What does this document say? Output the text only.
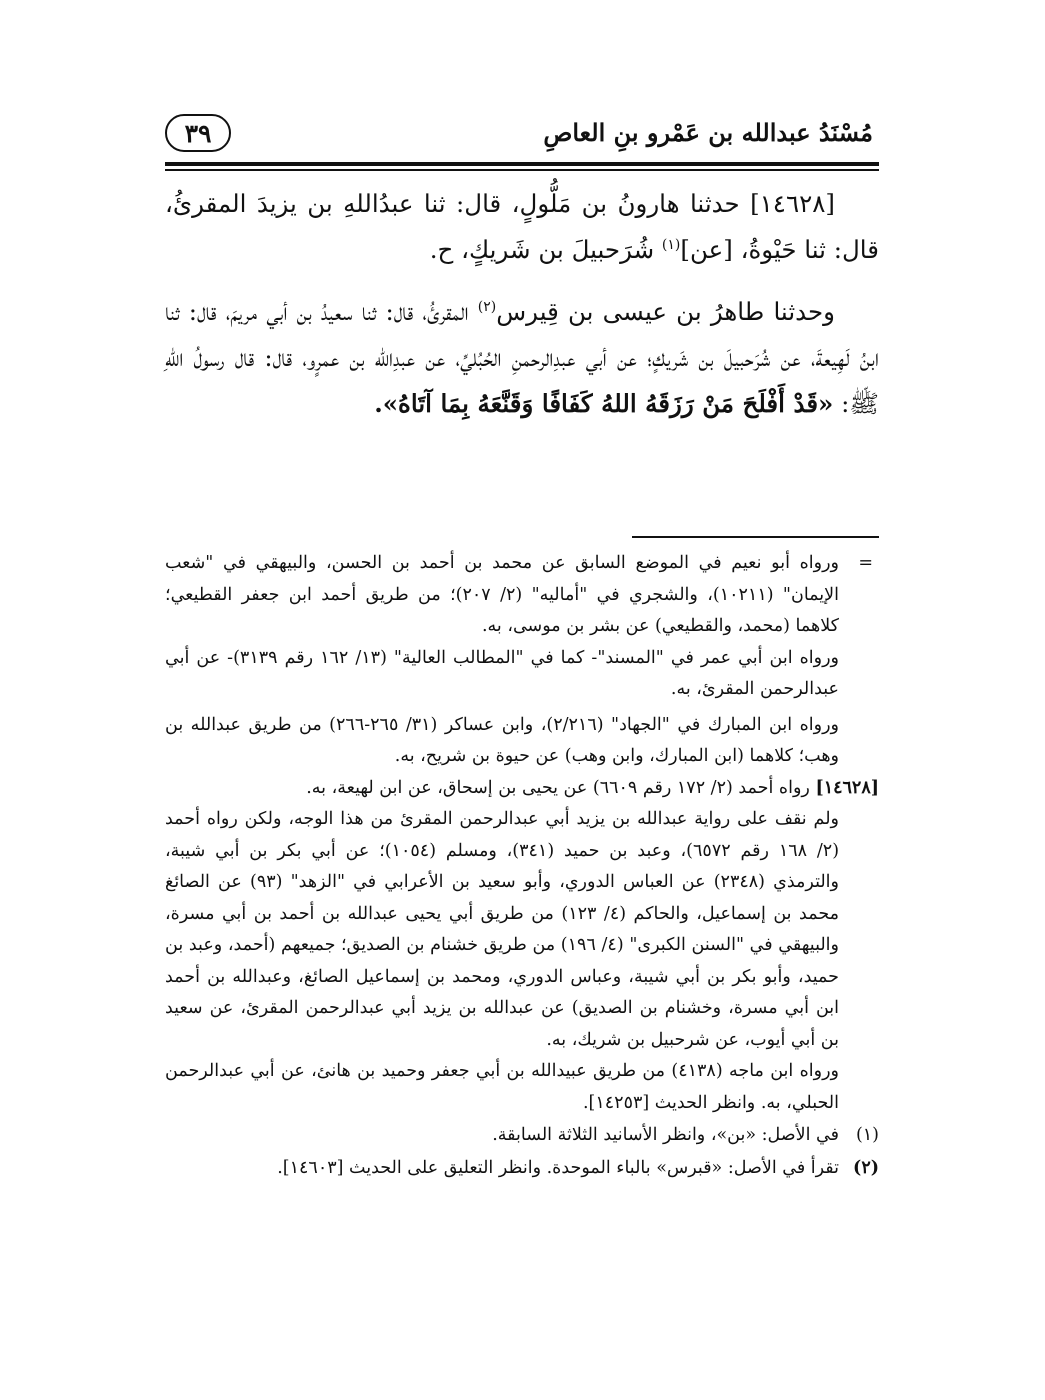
٣٩	مُسْنَدُ عبدالله بن عَمْرو بنِ العاصِ

[١٤٦٢٨] حدثنا هارونُ بن مَلُّولٍ، قال: ثنا عبدُاللهِ بن يزيدَ المقرئُ، قال: ثنا حَيْوةُ، [عن]$^{(١)}$ شُرَحبيلَ بن شَريكٍ، ح.

وحدثنا طاهرُ بن عيسى بن قِيرس$^{(٢)}$ المقرئُ، قال: ثنا سعيدُ بن أبي مريمَ، قال: ثنا ابنُ لَهِيعةَ، عن شُرَحبيلَ بن شَريكٍ؛ عن أبي عبدِالرحمنِ الحُبُليِّ، عن عبدِالله بن عمرٍو، قال: قال رسولُ اللهِ ﷺ: «قَدْ أَفْلَحَ مَنْ رَزَقَهُ اللهُ كَفَافًا وَقَنَّعَهُ بِمَا آتَاهُ».

=

ورواه أبو نعيم في الموضع السابق عن محمد بن أحمد بن الحسن، والبيهقي في "شعب الإيمان" (١٠٢١١)، والشجري في "أماليه" (٢/ ٢٠٧)؛ من طريق أحمد ابن جعفر القطيعي؛ كلاهما (محمد، والقطيعي) عن بشر بن موسى، به.

ورواه ابن أبي عمر في "المسند"- كما في "المطالب العالية" (١٣/ ١٦٢ رقم ٣١٣٩)- عن أبي عبدالرحمن المقرئ، به.

ورواه ابن المبارك في "الجهاد" (٢/٢١٦)، وابن عساكر (٣١/ ٢٦٥-٢٦٦) من طريق عبدالله بن وهب؛ كلاهما (ابن المبارك، وابن وهب) عن حيوة بن شريح، به.

[١٤٦٢٨] رواه أحمد (٢/ ١٧٢ رقم ٦٦٠٩) عن يحيى بن إسحاق، عن ابن لهيعة، به.

ولم نقف على رواية عبدالله بن يزيد أبي عبدالرحمن المقرئ من هذا الوجه، ولكن رواه أحمد (٢/ ١٦٨ رقم ٦٥٧٢)، وعبد بن حميد (٣٤١)، ومسلم (١٠٥٤)؛ عن أبي بكر بن أبي شيبة، والترمذي (٢٣٤٨) عن العباس الدوري، وأبو سعيد بن الأعرابي في "الزهد" (٩٣) عن الصائغ محمد بن إسماعيل، والحاكم (٤/ ١٢٣) من طريق أبي يحيى عبدالله بن أحمد بن أبي مسرة، والبيهقي في "السنن الكبرى" (٤/ ١٩٦) من طريق خشنام بن الصديق؛ جميعهم (أحمد، وعبد بن حميد، وأبو بكر بن أبي شيبة، وعباس الدوري، ومحمد بن إسماعيل الصائغ، وعبدالله بن أحمد ابن أبي مسرة، وخشنام بن الصديق) عن عبدالله بن يزيد أبي عبدالرحمن المقرئ، عن سعيد بن أبي أيوب، عن شرحبيل بن شريك، به.

ورواه ابن ماجه (٤١٣٨) من طريق عبيدالله بن أبي جعفر وحميد بن هانئ، عن أبي عبدالرحمن الحبلي، به. وانظر الحديث [١٤٢٥٣].

(١)
في الأصل: «بن»، وانظر الأسانيد الثلاثة السابقة.
(٢)
تقرأ في الأصل: «قبرس» بالباء الموحدة. وانظر التعليق على الحديث [١٤٦٠٣].
